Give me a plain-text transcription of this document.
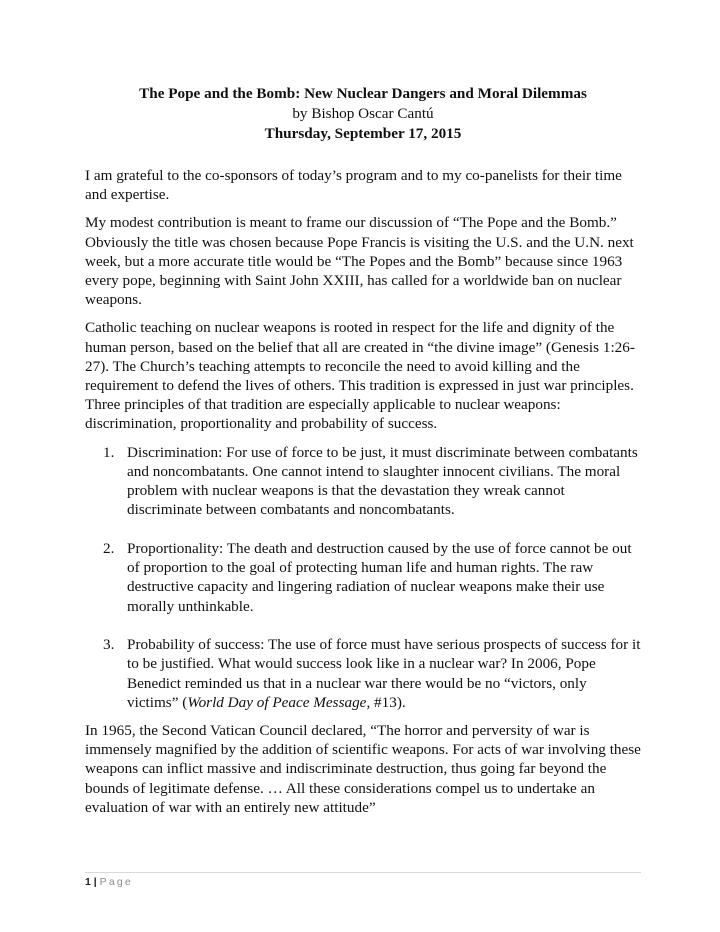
The Pope and the Bomb: New Nuclear Dangers and Moral Dilemmas
by Bishop Oscar Cantú
Thursday, September 17, 2015

I am grateful to the co-sponsors of today’s program and to my co-panelists for their time and expertise.

My modest contribution is meant to frame our discussion of “The Pope and the Bomb.” Obviously the title was chosen because Pope Francis is visiting the U.S. and the U.N. next week, but a more accurate title would be “The Popes and the Bomb” because since 1963 every pope, beginning with Saint John XXIII, has called for a worldwide ban on nuclear weapons.

Catholic teaching on nuclear weapons is rooted in respect for the life and dignity of the human person, based on the belief that all are created in “the divine image” (Genesis 1:26-27). The Church’s teaching attempts to reconcile the need to avoid killing and the requirement to defend the lives of others. This tradition is expressed in just war principles. Three principles of that tradition are especially applicable to nuclear weapons: discrimination, proportionality and probability of success.

1. Discrimination: For use of force to be just, it must discriminate between combatants and noncombatants. One cannot intend to slaughter innocent civilians. The moral problem with nuclear weapons is that the devastation they wreak cannot discriminate between combatants and noncombatants.
2. Proportionality: The death and destruction caused by the use of force cannot be out of proportion to the goal of protecting human life and human rights. The raw destructive capacity and lingering radiation of nuclear weapons make their use morally unthinkable.
3. Probability of success: The use of force must have serious prospects of success for it to be justified. What would success look like in a nuclear war? In 2006, Pope Benedict reminded us that in a nuclear war there would be no “victors, only victims” (World Day of Peace Message, #13).

In 1965, the Second Vatican Council declared, “The horror and perversity of war is immensely magnified by the addition of scientific weapons. For acts of war involving these weapons can inflict massive and indiscriminate destruction, thus going far beyond the bounds of legitimate defense. … All these considerations compel us to undertake an evaluation of war with an entirely new attitude”

1 | Page
